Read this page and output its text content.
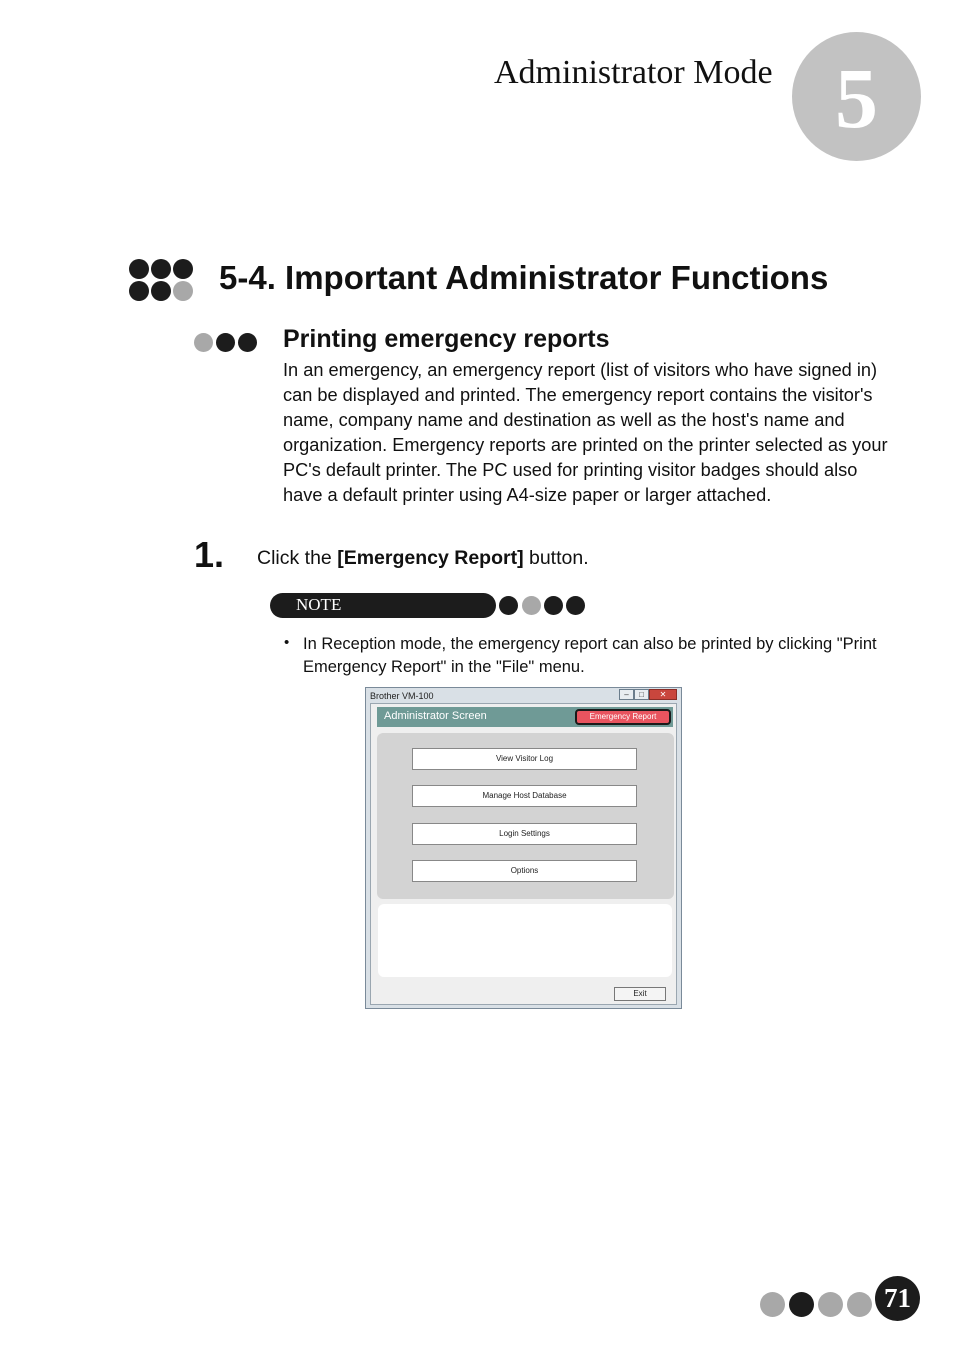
Administrator Mode 5
5-4. Important Administrator Functions
Printing emergency reports
In an emergency, an emergency report (list of visitors who have signed in) can be displayed and printed. The emergency report contains the visitor's name, company name and destination as well as the host's name and organization. Emergency reports are printed on the printer selected as your PC's default printer. The PC used for printing visitor badges should also have a default printer using A4-size paper or larger attached.
1. Click the [Emergency Report] button.
NOTE
• In Reception mode, the emergency report can also be printed by clicking "Print Emergency Report" in the "File" menu.
Brother VM-100	–	□	✕
Administrator Screen	Emergency Report
View Visitor Log
Manage Host Database
Login Settings
Options
Exit
71
